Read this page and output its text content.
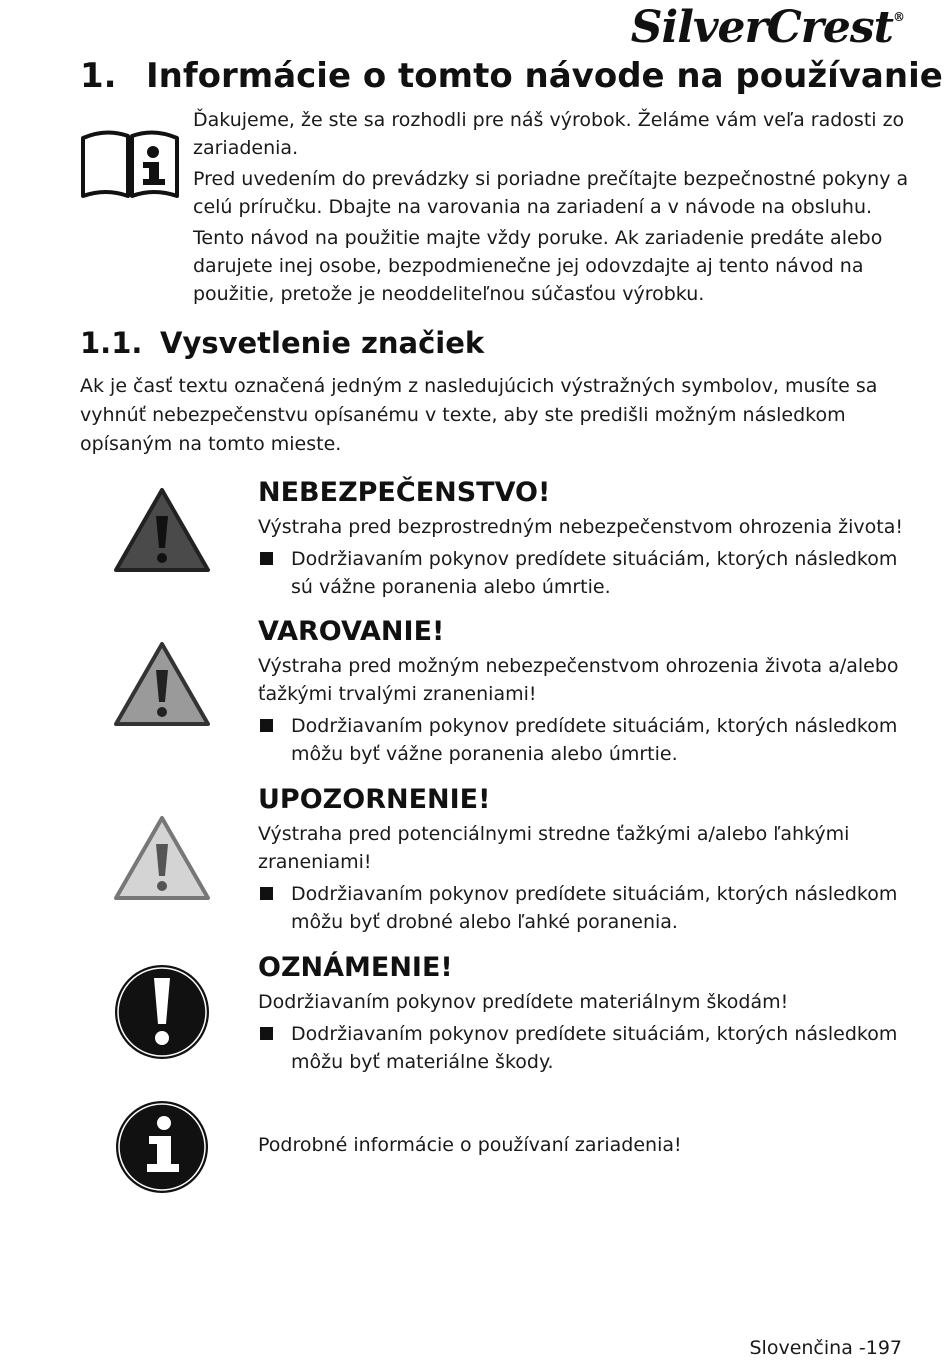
SilverCrest®
1. Informácie o tomto návode na používanie

Ďakujeme, že ste sa rozhodli pre náš výrobok. Želáme vám veľa radosti zo zariadenia.

Pred uvedením do prevádzky si poriadne prečítajte bezpečnostné pokyny a celú príručku. Dbajte na varovania na zariadení a v návode na obsluhu.

Tento návod na použitie majte vždy poruke. Ak zariadenie predáte alebo darujete inej osobe, bezpodmienečne jej odovzdajte aj tento návod na použitie, pretože je neoddeliteľnou súčasťou výrobku.

1.1. Vysvetlenie značiek

Ak je časť textu označená jedným z nasledujúcich výstražných symbolov, musíte sa vyhnúť nebezpečenstvu opísanému v texte, aby ste predišli možným následkom opísaným na tomto mieste.

NEBEZPEČENSTVO!

Výstraha pred bezprostredným nebezpečenstvom ohrozenia života!

Dodržiavaním pokynov predídete situáciám, ktorých následkom sú vážne poranenia alebo úmrtie.
VAROVANIE!

Výstraha pred možným nebezpečenstvom ohrozenia života a/alebo ťažkými trvalými zraneniami!

Dodržiavaním pokynov predídete situáciám, ktorých následkom môžu byť vážne poranenia alebo úmrtie.
UPOZORNENIE!

Výstraha pred potenciálnymi stredne ťažkými a/alebo ľahkými zraneniami!

Dodržiavaním pokynov predídete situáciám, ktorých následkom môžu byť drobné alebo ľahké poranenia.
OZNÁMENIE!

Dodržiavaním pokynov predídete materiálnym škodám!

Dodržiavaním pokynov predídete situáciám, ktorých následkom môžu byť materiálne škody.

Podrobné informácie o používaní zariadenia!

Slovenčina -197
